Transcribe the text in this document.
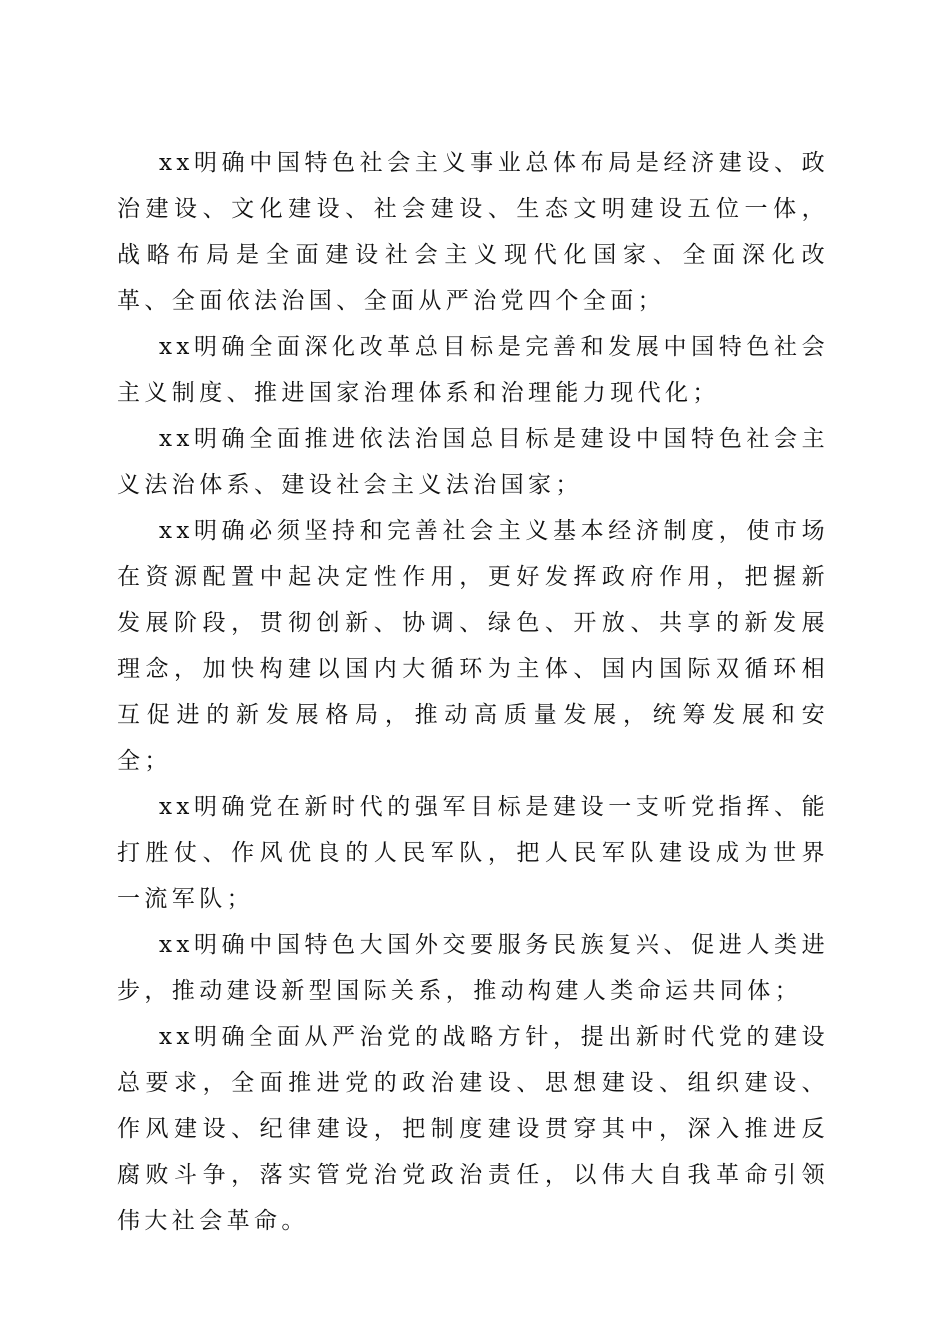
xx明确中国特色社会主义事业总体布局是经济建设、政治建设、文化建设、社会建设、生态文明建设五位一体，战略布局是全面建设社会主义现代化国家、全面深化改革、全面依法治国、全面从严治党四个全面；

xx明确全面深化改革总目标是完善和发展中国特色社会主义制度、推进国家治理体系和治理能力现代化；

xx明确全面推进依法治国总目标是建设中国特色社会主义法治体系、建设社会主义法治国家；

xx明确必须坚持和完善社会主义基本经济制度，使市场在资源配置中起决定性作用，更好发挥政府作用，把握新发展阶段，贯彻创新、协调、绿色、开放、共享的新发展理念，加快构建以国内大循环为主体、国内国际双循环相互促进的新发展格局，推动高质量发展，统筹发展和安全；

xx明确党在新时代的强军目标是建设一支听党指挥、能打胜仗、作风优良的人民军队，把人民军队建设成为世界一流军队；

xx明确中国特色大国外交要服务民族复兴、促进人类进步，推动建设新型国际关系，推动构建人类命运共同体；

xx明确全面从严治党的战略方针，提出新时代党的建设总要求，全面推进党的政治建设、思想建设、组织建设、作风建设、纪律建设，把制度建设贯穿其中，深入推进反腐败斗争，落实管党治党政治责任，以伟大自我革命引领伟大社会革命。
